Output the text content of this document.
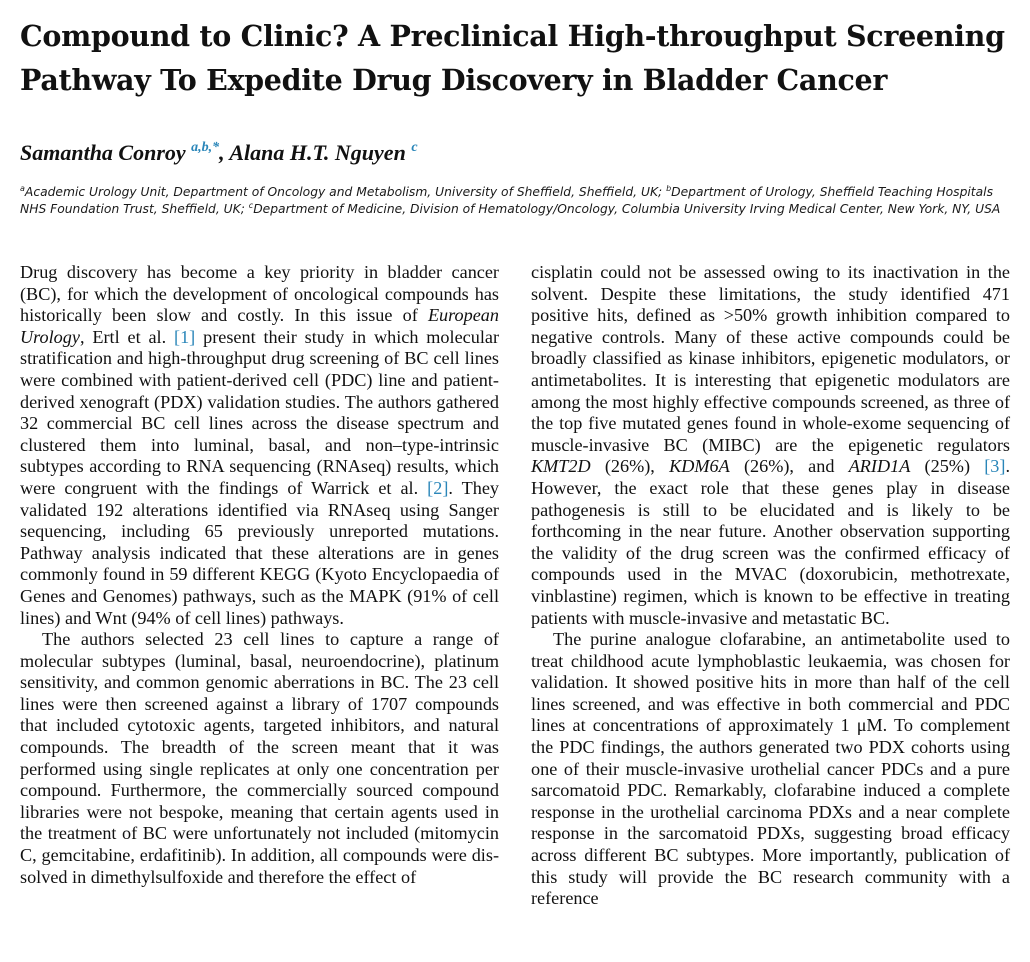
Compound to Clinic? A Preclinical High-throughput Screening Pathway To Expedite Drug Discovery in Bladder Cancer
Samantha Conroy $^{a,b,*}$, Alana H.T. Nguyen $^c$
$^a$Academic Urology Unit, Department of Oncology and Metabolism, University of Sheffield, Sheffield, UK; $^b$Department of Urology, Sheffield Teaching Hospitals NHS Foundation Trust, Sheffield, UK; $^c$Department of Medicine, Division of Hematology/Oncology, Columbia University Irving Medical Center, New York, NY, USA

Drug discovery has become a key priority in bladder cancer (BC), for which the development of oncological compounds has historically been slow and costly. In this issue of European Urology, Ertl et al. [1] present their study in which molecular stratification and high-throughput drug screening of BC cell lines were combined with patient-derived cell (PDC) line and patient-derived xenograft (PDX) validation studies. The authors gathered 32 commercial BC cell lines across the disease spectrum and clustered them into luminal, basal, and non–type-intrinsic subtypes according to RNA sequencing (RNAseq) results, which were congruent with the findings of Warrick et al. [2]. They validated 192 alterations identified via RNAseq using Sanger sequencing, including 65 previously unreported mutations. Pathway analysis indicated that these alterations are in genes commonly found in 59 different KEGG (Kyoto Encyclopaedia of Genes and Genomes) pathways, such as the MAPK (91% of cell lines) and Wnt (94% of cell lines) pathways.

The authors selected 23 cell lines to capture a range of molecular subtypes (luminal, basal, neuroendocrine), platinum sensitivity, and common genomic aberrations in BC. The 23 cell lines were then screened against a library of 1707 compounds that included cytotoxic agents, targeted inhibitors, and natural compounds. The breadth of the screen meant that it was performed using single replicates at only one concentration per compound. Furthermore, the commercially sourced compound libraries were not bespoke, meaning that certain agents used in the treatment of BC were unfortunately not included (mitomycin C, gemcitabine, erdafitinib). In addition, all compounds were dissolved in dimethylsulfoxide and therefore the effect of

cisplatin could not be assessed owing to its inactivation in the solvent. Despite these limitations, the study identified 471 positive hits, defined as >50% growth inhibition compared to negative controls. Many of these active compounds could be broadly classified as kinase inhibitors, epigenetic modulators, or antimetabolites. It is interesting that epigenetic modulators are among the most highly effective compounds screened, as three of the top five mutated genes found in whole-exome sequencing of muscle-invasive BC (MIBC) are the epigenetic regulators KMT2D (26%), KDM6A (26%), and ARID1A (25%) [3]. However, the exact role that these genes play in disease pathogenesis is still to be elucidated and is likely to be forthcoming in the near future. Another observation supporting the validity of the drug screen was the confirmed efficacy of compounds used in the MVAC (doxorubicin, methotrexate, vinblastine) regimen, which is known to be effective in treating patients with muscle-invasive and metastatic BC.

The purine analogue clofarabine, an antimetabolite used to treat childhood acute lymphoblastic leukaemia, was chosen for validation. It showed positive hits in more than half of the cell lines screened, and was effective in both commercial and PDC lines at concentrations of approximately 1 μM. To complement the PDC findings, the authors generated two PDX cohorts using one of their muscle-invasive urothelial cancer PDCs and a pure sarcomatoid PDC. Remarkably, clofarabine induced a complete response in the urothelial carcinoma PDXs and a near complete response in the sarcomatoid PDXs, suggesting broad efficacy across different BC subtypes. More importantly, publication of this study will provide the BC research community with a reference
